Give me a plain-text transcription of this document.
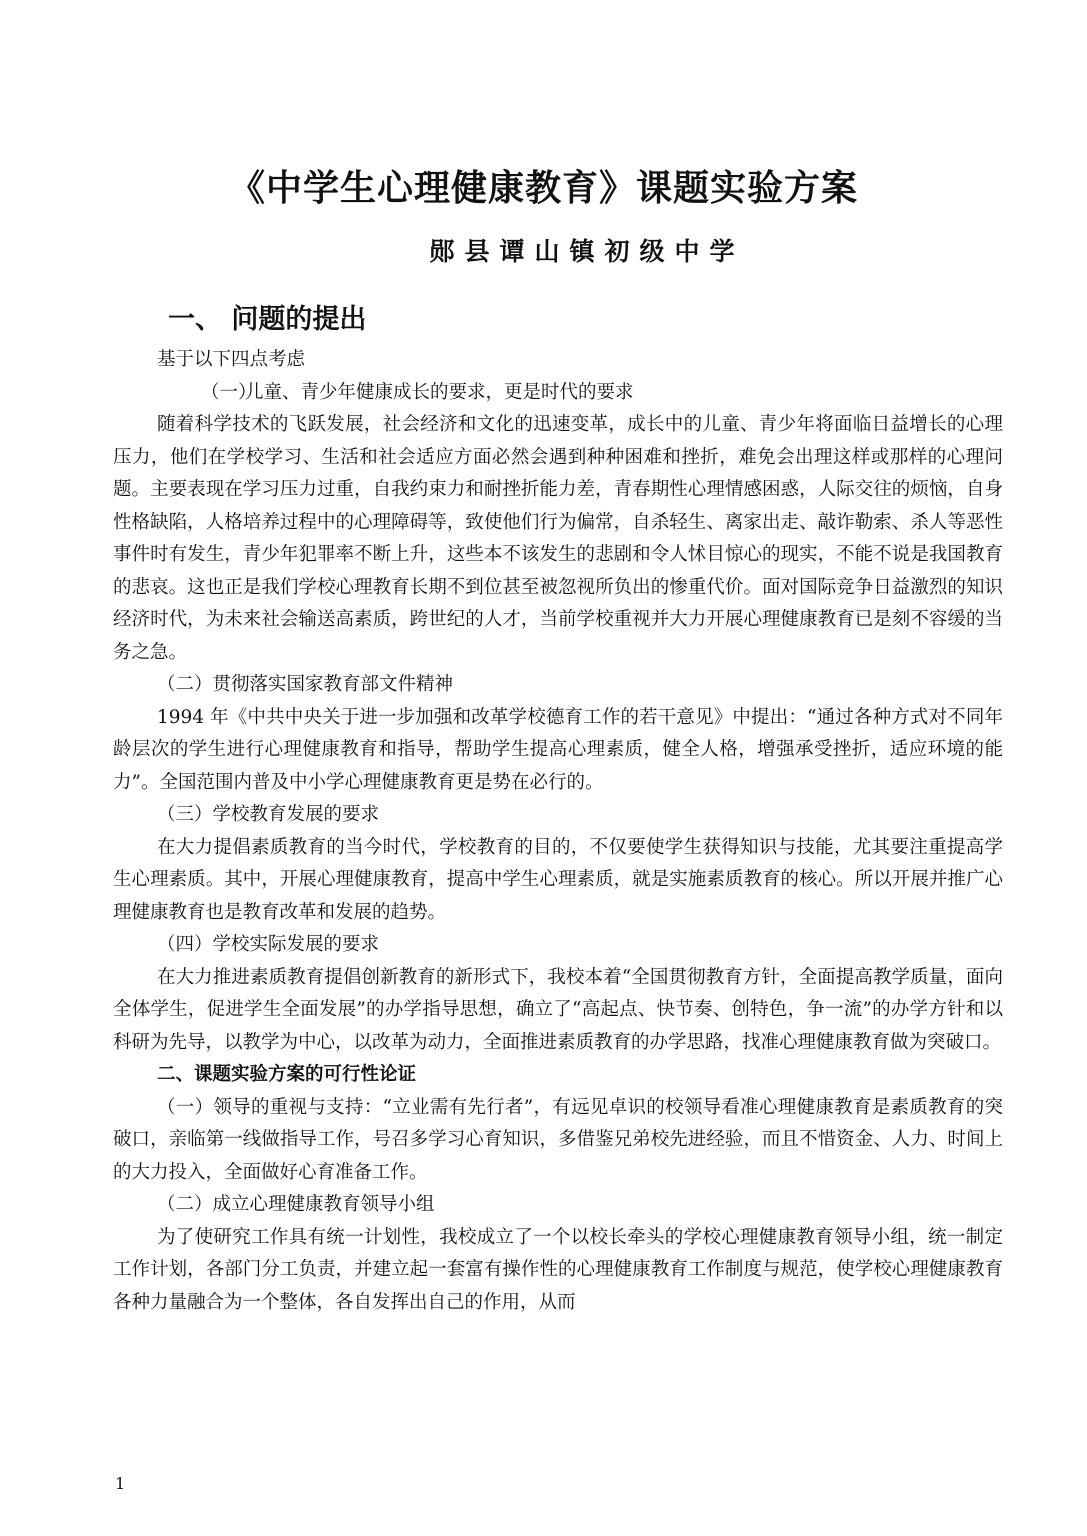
《中学生心理健康教育》课题实验方案
郧县谭山镇初级中学
一、 问题的提出

基于以下四点考虑

（一）儿童、青少年健康成长的要求，更是时代的要求

随着科学技术的飞跃发展，社会经济和文化的迅速变革，成长中的儿童、青少年将面临日益增长的心理压力，他们在学校学习、生活和社会适应方面必然会遇到种种困难和挫折，难免会出理这样或那样的心理问题。主要表现在学习压力过重，自我约束力和耐挫折能力差，青春期性心理情感困惑，人际交往的烦恼，自身性格缺陷，人格培养过程中的心理障碍等，致使他们行为偏常，自杀轻生、离家出走、敲诈勒索、杀人等恶性事件时有发生，青少年犯罪率不断上升，这些本不该发生的悲剧和令人怵目惊心的现实，不能不说是我国教育的悲哀。这也正是我们学校心理教育长期不到位甚至被忽视所负出的惨重代价。面对国际竞争日益激烈的知识经济时代，为未来社会输送高素质，跨世纪的人才，当前学校重视并大力开展心理健康教育已是刻不容缓的当务之急。

（二）贯彻落实国家教育部文件精神

1994 年《中共中央关于进一步加强和改革学校德育工作的若干意见》中提出：“通过各种方式对不同年龄层次的学生进行心理健康教育和指导，帮助学生提高心理素质，健全人格，增强承受挫折，适应环境的能力”。全国范围内普及中小学心理健康教育更是势在必行的。

（三）学校教育发展的要求

在大力提倡素质教育的当今时代，学校教育的目的，不仅要使学生获得知识与技能，尤其要注重提高学生心理素质。其中，开展心理健康教育，提高中学生心理素质，就是实施素质教育的核心。所以开展并推广心理健康教育也是教育改革和发展的趋势。

（四）学校实际发展的要求

在大力推进素质教育提倡创新教育的新形式下，我校本着“全国贯彻教育方针，全面提高教学质量，面向全体学生，促进学生全面发展”的办学指导思想，确立了“高起点、快节奏、创特色，争一流”的办学方针和以科研为先导，以教学为中心，以改革为动力，全面推进素质教育的办学思路，找准心理健康教育做为突破口。

二、课题实验方案的可行性论证

（一）领导的重视与支持：“立业需有先行者”，有远见卓识的校领导看准心理健康教育是素质教育的突破口，亲临第一线做指导工作，号召多学习心育知识，多借鉴兄弟校先进经验，而且不惜资金、人力、时间上的大力投入，全面做好心育准备工作。

（二）成立心理健康教育领导小组

为了使研究工作具有统一计划性，我校成立了一个以校长牵头的学校心理健康教育领导小组，统一制定工作计划，各部门分工负责，并建立起一套富有操作性的心理健康教育工作制度与规范，使学校心理健康教育各种力量融合为一个整体，各自发挥出自己的作用，从而

1
